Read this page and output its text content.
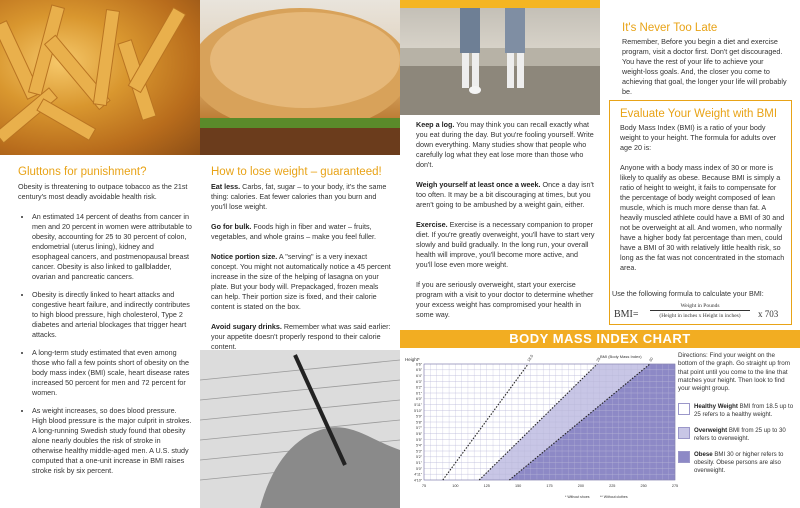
Gluttons for punishment?

Obesity is threatening to outpace tobacco as the 21st century's most deadly avoidable health risk.

• An estimated 14 percent of deaths from cancer in men and 20 percent in women were attributable to obesity, accounting for 25 to 30 percent of colon, endometrial (uterus lining), kidney and esophageal cancers, and postmenopausal breast cancer. Obesity is also linked to gallbladder, ovarian and pancreatic cancers.
• Obesity is directly linked to heart attacks and congestive heart failure, and indirectly contributes to high blood pressure, high cholesterol, Type 2 diabetes and arterial blockages that trigger heart attacks.
• A long-term study estimated that even among those who fall a few points short of obesity on the body mass index (BMI) scale, heart disease rates increased 50 percent for men and 72 percent for women.
• As weight increases, so does blood pressure. High blood pressure is the major culprit in strokes. A long-running Swedish study found that obesity alone nearly doubles the risk of stroke in otherwise healthy middle-aged men. A U.S. study computed that a one-unit increase in BMI raises stroke risk by six percent.
How to lose weight – guaranteed!

Eat less. Carbs, fat, sugar – to your body, it's the same thing: calories. Eat fewer calories than you burn and you'll lose weight.

Go for bulk. Foods high in fiber and water – fruits, vegetables, and whole grains – make you feel fuller.

Notice portion size. A "serving" is a very inexact concept. You might not automatically notice a 45 percent increase in the size of the helping of lasagna on your plate. But your body will. Prepackaged, frozen meals can help. Their portion size is fixed, and their calorie content is stated on the box.

Avoid sugary drinks. Remember what was said earlier: your appetite doesn't properly respond to their calorie content.

Keep a log. You may think you can recall exactly what you eat during the day. But you're fooling yourself. Write down everything. Many studies show that people who carefully log what they eat lose more than those who don't.

Weigh yourself at least once a week. Once a day isn't too often. It may be a bit discouraging at times, but you aren't going to be ambushed by a weight gain, either.

Exercise. Exercise is a necessary companion to proper diet. If you're greatly overweight, you'll have to start very slowly and build gradually. In the long run, your overall health will improve, you'll become more active, and you'll lose even more weight.

If you are seriously overweight, start your exercise program with a visit to your doctor to determine whether your excess weight has compromised your health in some way.

It's Never Too Late

Remember, Before you begin a diet and exercise program, visit a doctor first. Don't get discouraged. You have the rest of your life to achieve your weight-loss goals. And, the closer you come to achieving that goal, the longer your life will probably be.

Evaluate Your Weight with BMI

Body Mass Index (BMI) is a ratio of your body weight to your height. The formula for adults over age 20 is:

Anyone with a body mass index of 30 or more is likely to qualify as obese. Because BMI is simply a ratio of height to weight, it fails to compensate for the percentage of body weight composed of lean muscle, which is much more dense than fat. A heavily muscled athlete could have a BMI of 30 and not be overweight at all. And women, who normally have a higher body fat percentage than men, could have a BMI of 30 with relatively little health risk, so long as the fat was not concentrated in the stomach area.

Use the following formula to calculate your BMI:

BMI=
Weight in Pounds
(Height in inches x Height in inches)	x 703
BODY MASS INDEX CHART
Height*
BMI (Body Mass Index)
18.5	25	30
6'6"
6'5"
6'4"
6'3"
6'2"
6'1"
6'0"
5'11"
5'10"
5'9"
5'8"
5'7"
5'6"
5'5"
5'4"
5'3"
5'2"
5'1"
5'0"
4'11"
4'10"
75	100	125	150	175	200	225	250	275
* Without shoes	** Without clothes

Directions: Find your weight on the bottom of the graph. Go straight up from that point until you come to the line that matches your height. Then look to find your weight group.

Healthy Weight BMI from 18.5 up to 25 refers to a healthy weight.
Overweight BMI from 25 up to 30 refers to overweight.
Obese BMI 30 or higher refers to obesity. Obese persons are also overweight.
